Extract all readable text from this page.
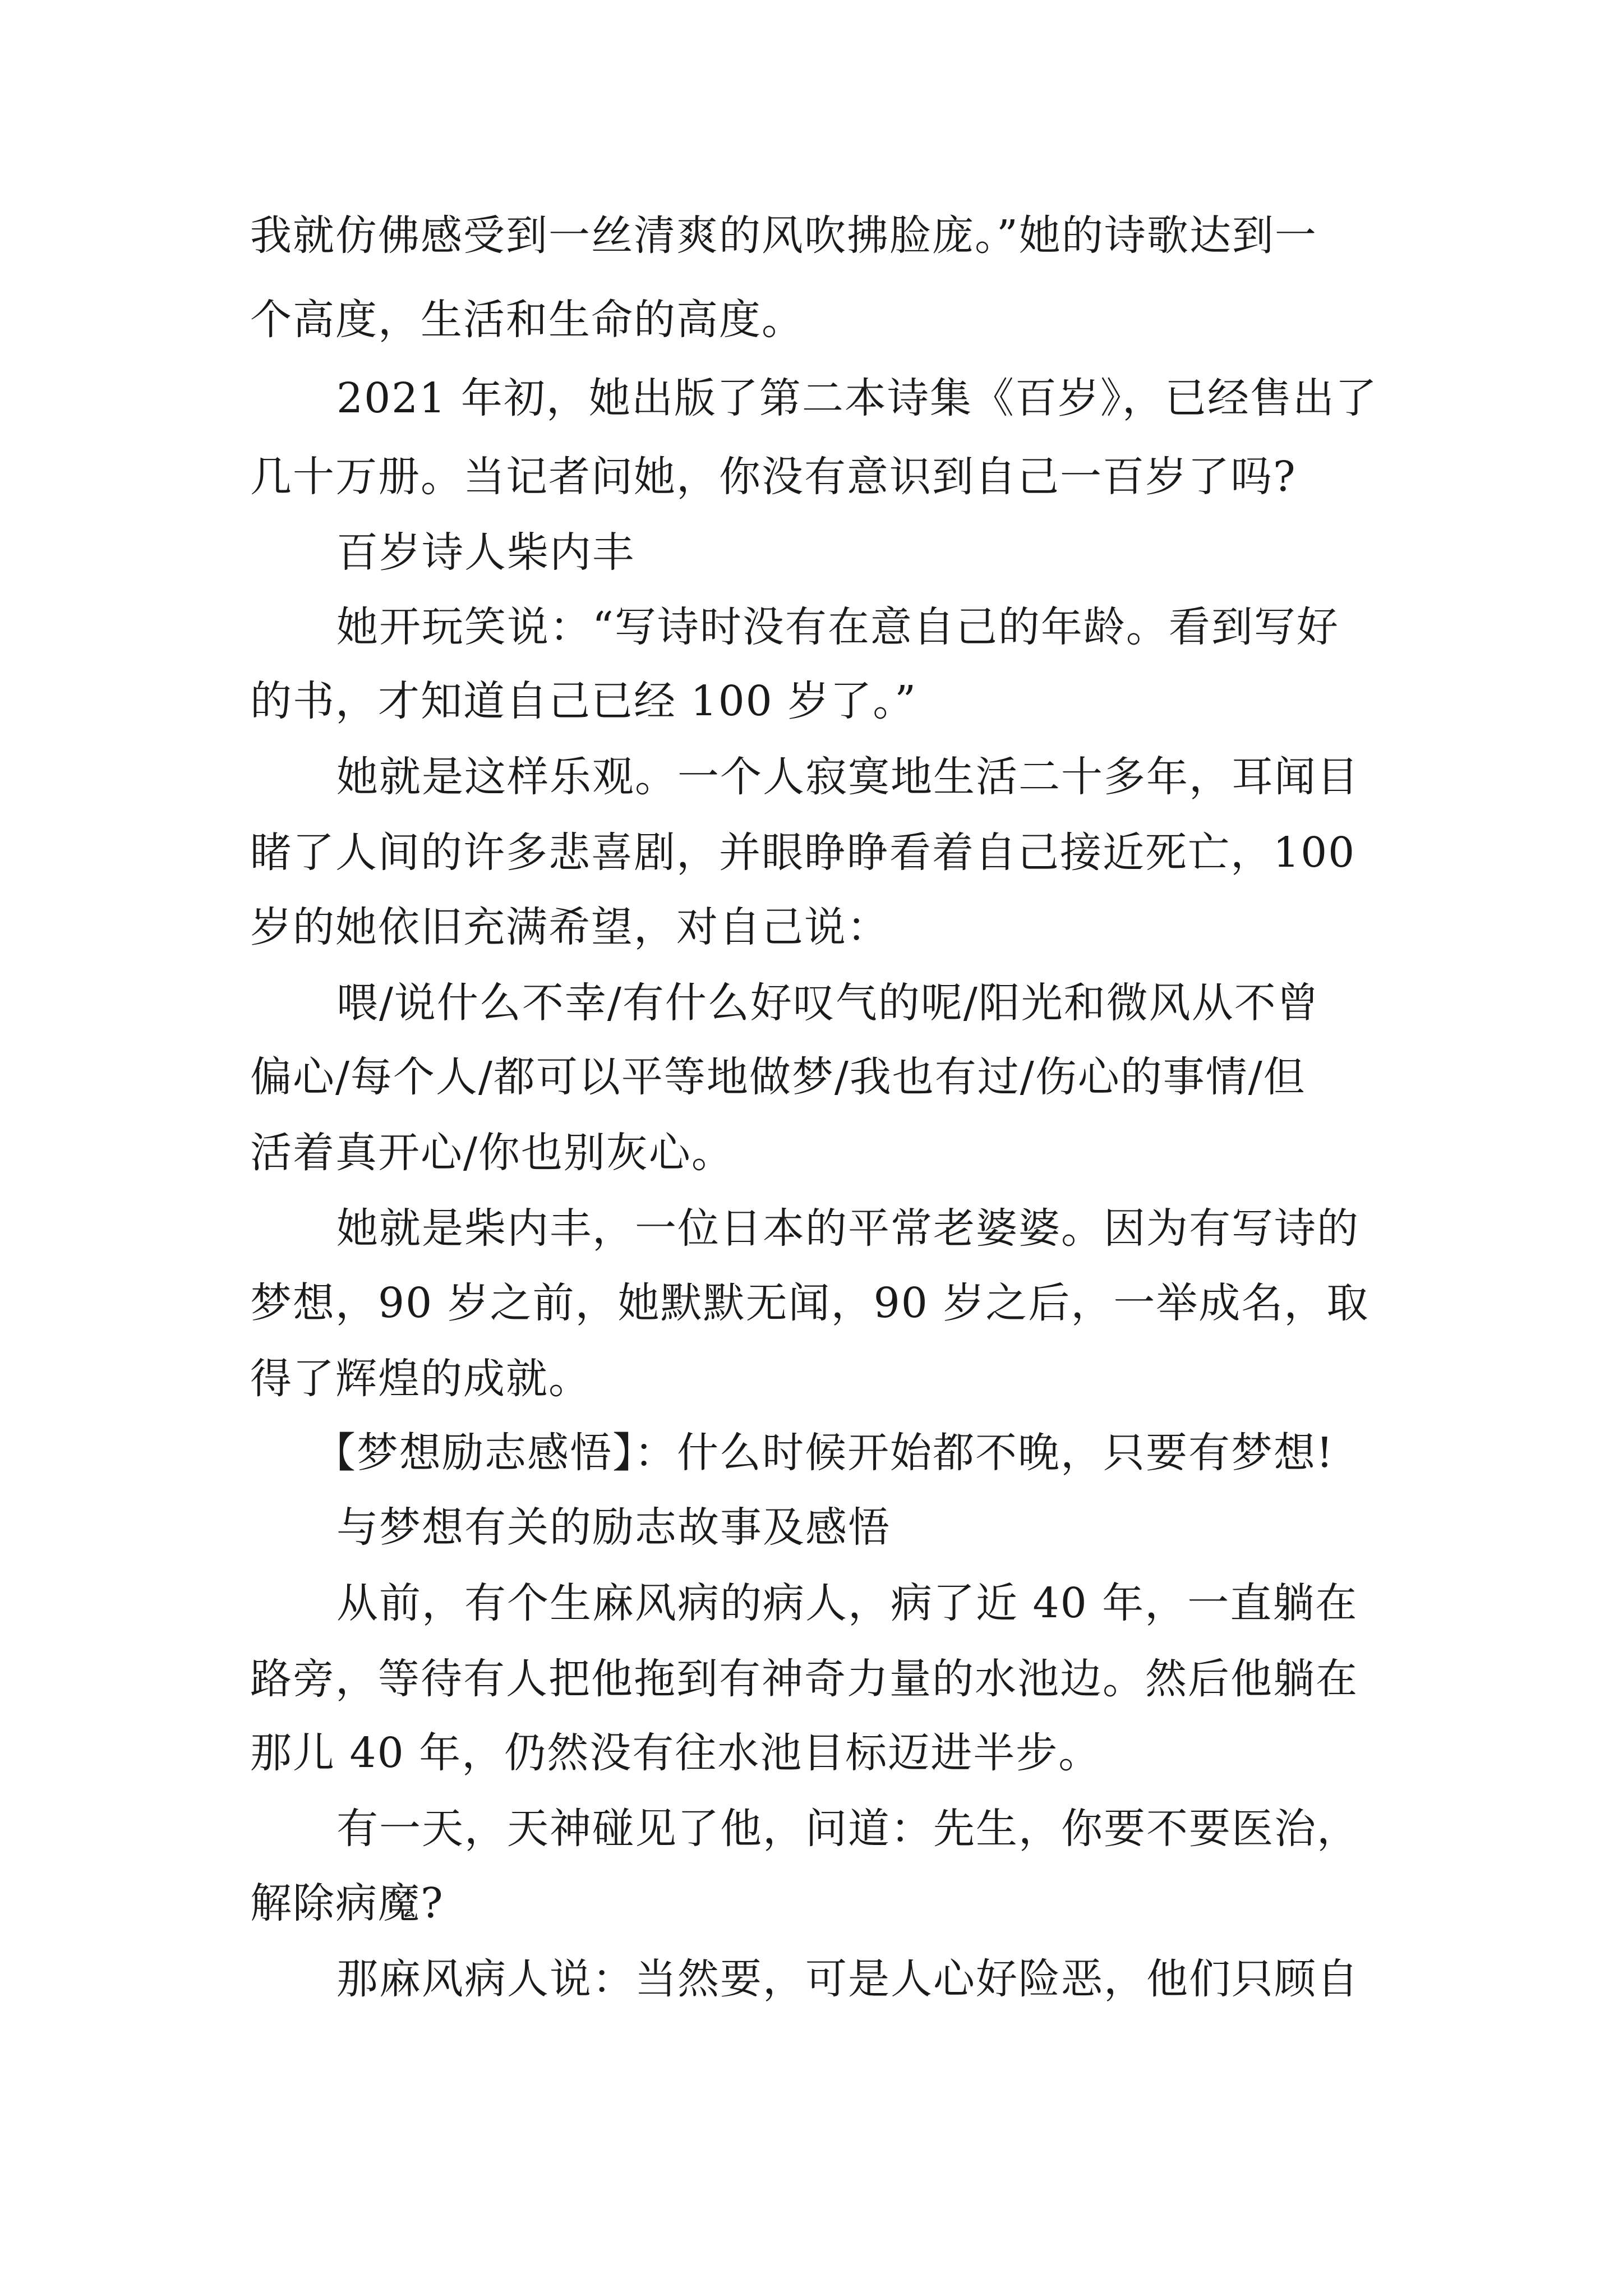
我就仿佛感受到一丝清爽的风吹拂脸庞。”她的诗歌达到一
个高度，生活和生命的高度。
2021 年初，她出版了第二本诗集《百岁》，已经售出了
几十万册。当记者问她，你没有意识到自己一百岁了吗?
百岁诗人柴内丰
她开玩笑说：“写诗时没有在意自己的年龄。看到写好
的书，才知道自己已经 100 岁了。”
她就是这样乐观。一个人寂寞地生活二十多年，耳闻目
睹了人间的许多悲喜剧，并眼睁睁看着自己接近死亡，100
岁的她依旧充满希望，对自己说：
喂/说什么不幸/有什么好叹气的呢/阳光和微风从不曾
偏心/每个人/都可以平等地做梦/我也有过/伤心的事情/但
活着真开心/你也别灰心。
她就是柴内丰，一位日本的平常老婆婆。因为有写诗的
梦想，90 岁之前，她默默无闻，90 岁之后，一举成名，取
得了辉煌的成就。
【梦想励志感悟】：什么时候开始都不晚，只要有梦想!
与梦想有关的励志故事及感悟
从前，有个生麻风病的病人，病了近 40 年，一直躺在
路旁，等待有人把他拖到有神奇力量的水池边。然后他躺在
那儿 40 年，仍然没有往水池目标迈进半步。
有一天，天神碰见了他，问道：先生，你要不要医治，
解除病魔?
那麻风病人说：当然要，可是人心好险恶，他们只顾自
